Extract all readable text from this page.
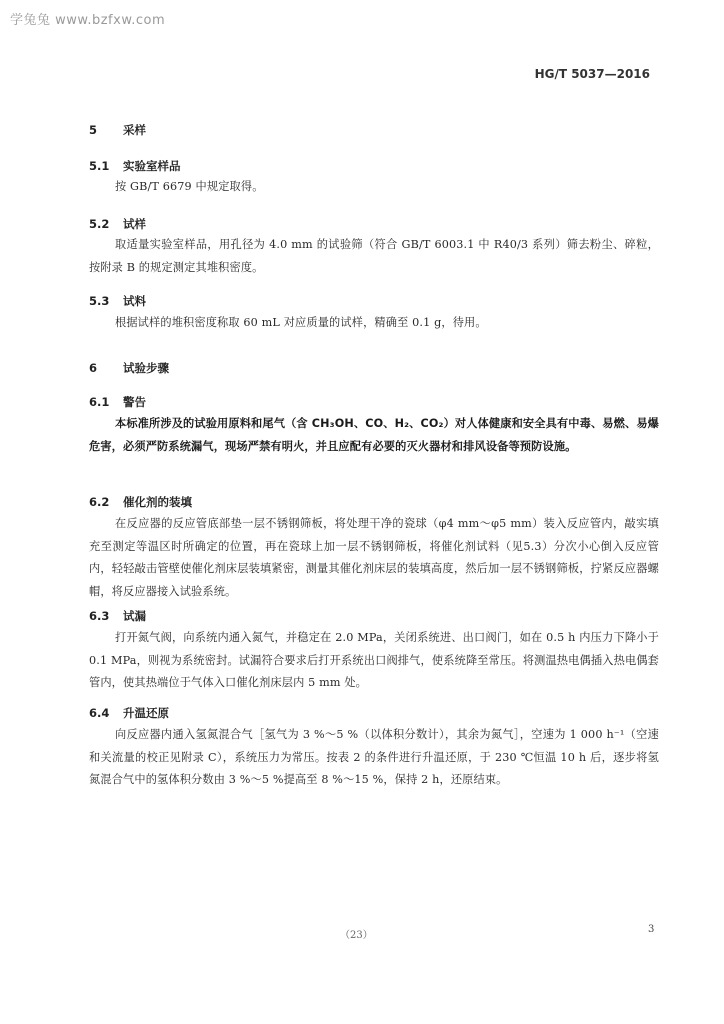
学兔兔 www.bzfxw.com
HG/T 5037—2016
5 采样
5.1 实验室样品
按 GB/T 6679 中规定取得。
5.2 试样
取适量实验室样品，用孔径为 4.0 mm 的试验筛（符合 GB/T 6003.1 中 R40/3 系列）筛去粉尘、碎粒，按附录 B 的规定测定其堆积密度。
5.3 试料
根据试样的堆积密度称取 60 mL 对应质量的试样，精确至 0.1 g，待用。
6 试验步骤
6.1 警告
本标准所涉及的试验用原料和尾气（含 CH₃OH、CO、H₂、CO₂）对人体健康和安全具有中毒、易燃、易爆危害，必须严防系统漏气，现场严禁有明火，并且应配有必要的灭火器材和排风设备等预防设施。
6.2 催化剂的装填
在反应器的反应管底部垫一层不锈钢筛板，将处理干净的瓷球（φ4 mm～φ5 mm）装入反应管内，敲实填充至测定等温区时所确定的位置，再在瓷球上加一层不锈钢筛板，将催化剂试料（见5.3）分次小心倒入反应管内，轻轻敲击管壁使催化剂床层装填紧密，测量其催化剂床层的装填高度，然后加一层不锈钢筛板，拧紧反应器螺帽，将反应器接入试验系统。
6.3 试漏
打开氮气阀，向系统内通入氮气，并稳定在 2.0 MPa，关闭系统进、出口阀门，如在 0.5 h 内压力下降小于 0.1 MPa，则视为系统密封。试漏符合要求后打开系统出口阀排气，使系统降至常压。将测温热电偶插入热电偶套管内，使其热端位于气体入口催化剂床层内 5 mm 处。
6.4 升温还原
向反应器内通入氢氮混合气［氢气为 3 %～5 %（以体积分数计），其余为氮气］，空速为 1 000 h⁻¹（空速和关流量的校正见附录 C），系统压力为常压。按表 2 的条件进行升温还原，于 230 ℃恒温 10 h 后，逐步将氢氮混合气中的氢体积分数由 3 %～5 %提高至 8 %～15 %，保持 2 h，还原结束。
（23）
3
